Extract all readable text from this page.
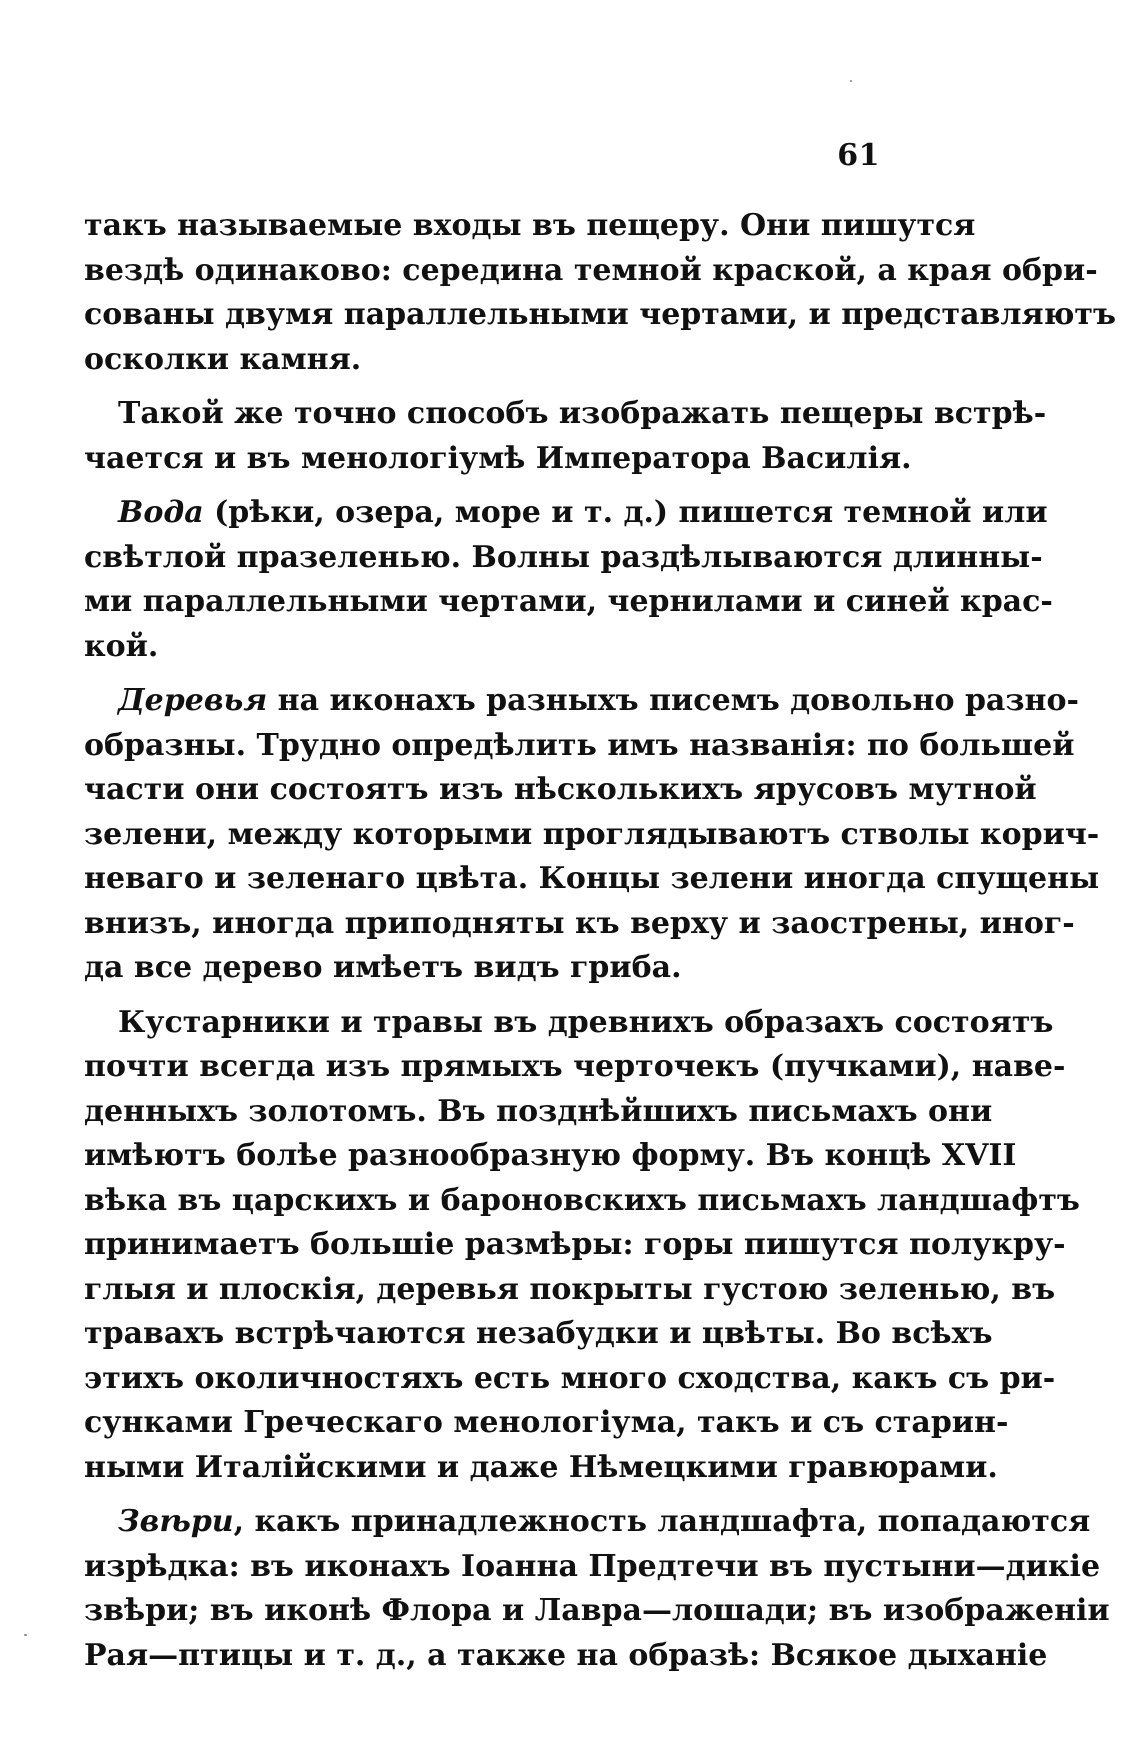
61
такъ называемые входы въ пещеру. Они пишутся
вездѣ одинаково: середина темной краской, а края обри-
сованы двумя параллельными чертами, и представляютъ
осколки камня.
Такой же точно способъ изображать пещеры встрѣ-
чается и въ менологіумѣ Императора Василія.
Вода (рѣки, озера, море и т. д.) пишется темной или
свѣтлой празеленью. Волны раздѣлываются длинны-
ми параллельными чертами, чернилами и синей крас-
кой.
Деревья на иконахъ разныхъ писемъ довольно разно-
образны. Трудно опредѣлить имъ названія: по большей
части они состоятъ изъ нѣсколькихъ ярусовъ мутной
зелени, между которыми проглядываютъ стволы корич-
неваго и зеленаго цвѣта. Концы зелени иногда спущены
внизъ, иногда приподняты къ верху и заострены, иног-
да все дерево имѣетъ видъ гриба.
Кустарники и травы въ древнихъ образахъ состоятъ
почти всегда изъ прямыхъ черточекъ (пучками), наве-
денныхъ золотомъ. Въ позднѣйшихъ письмахъ они
имѣютъ болѣе разнообразную форму. Въ концѣ XVII
вѣка въ царскихъ и бароновскихъ письмахъ ландшафтъ
принимаетъ большіе размѣры: горы пишутся полукру-
глыя и плоскія, деревья покрыты густою зеленью, въ
травахъ встрѣчаются незабудки и цвѣты. Во всѣхъ
этихъ околичностяхъ есть много сходства, какъ съ ри-
сунками Греческаго менологіума, такъ и съ старин-
ными Италійскими и даже Нѣмецкими гравюрами.
Звѣри, какъ принадлежность ландшафта, попадаются
изрѣдка: въ иконахъ Іоанна Предтечи въ пустыни—дикіе
звѣри; въ иконѣ Флора и Лавра—лошади; въ изображеніи
Рая—птицы и т. д., а также на образѣ: Всякое дыханіе
